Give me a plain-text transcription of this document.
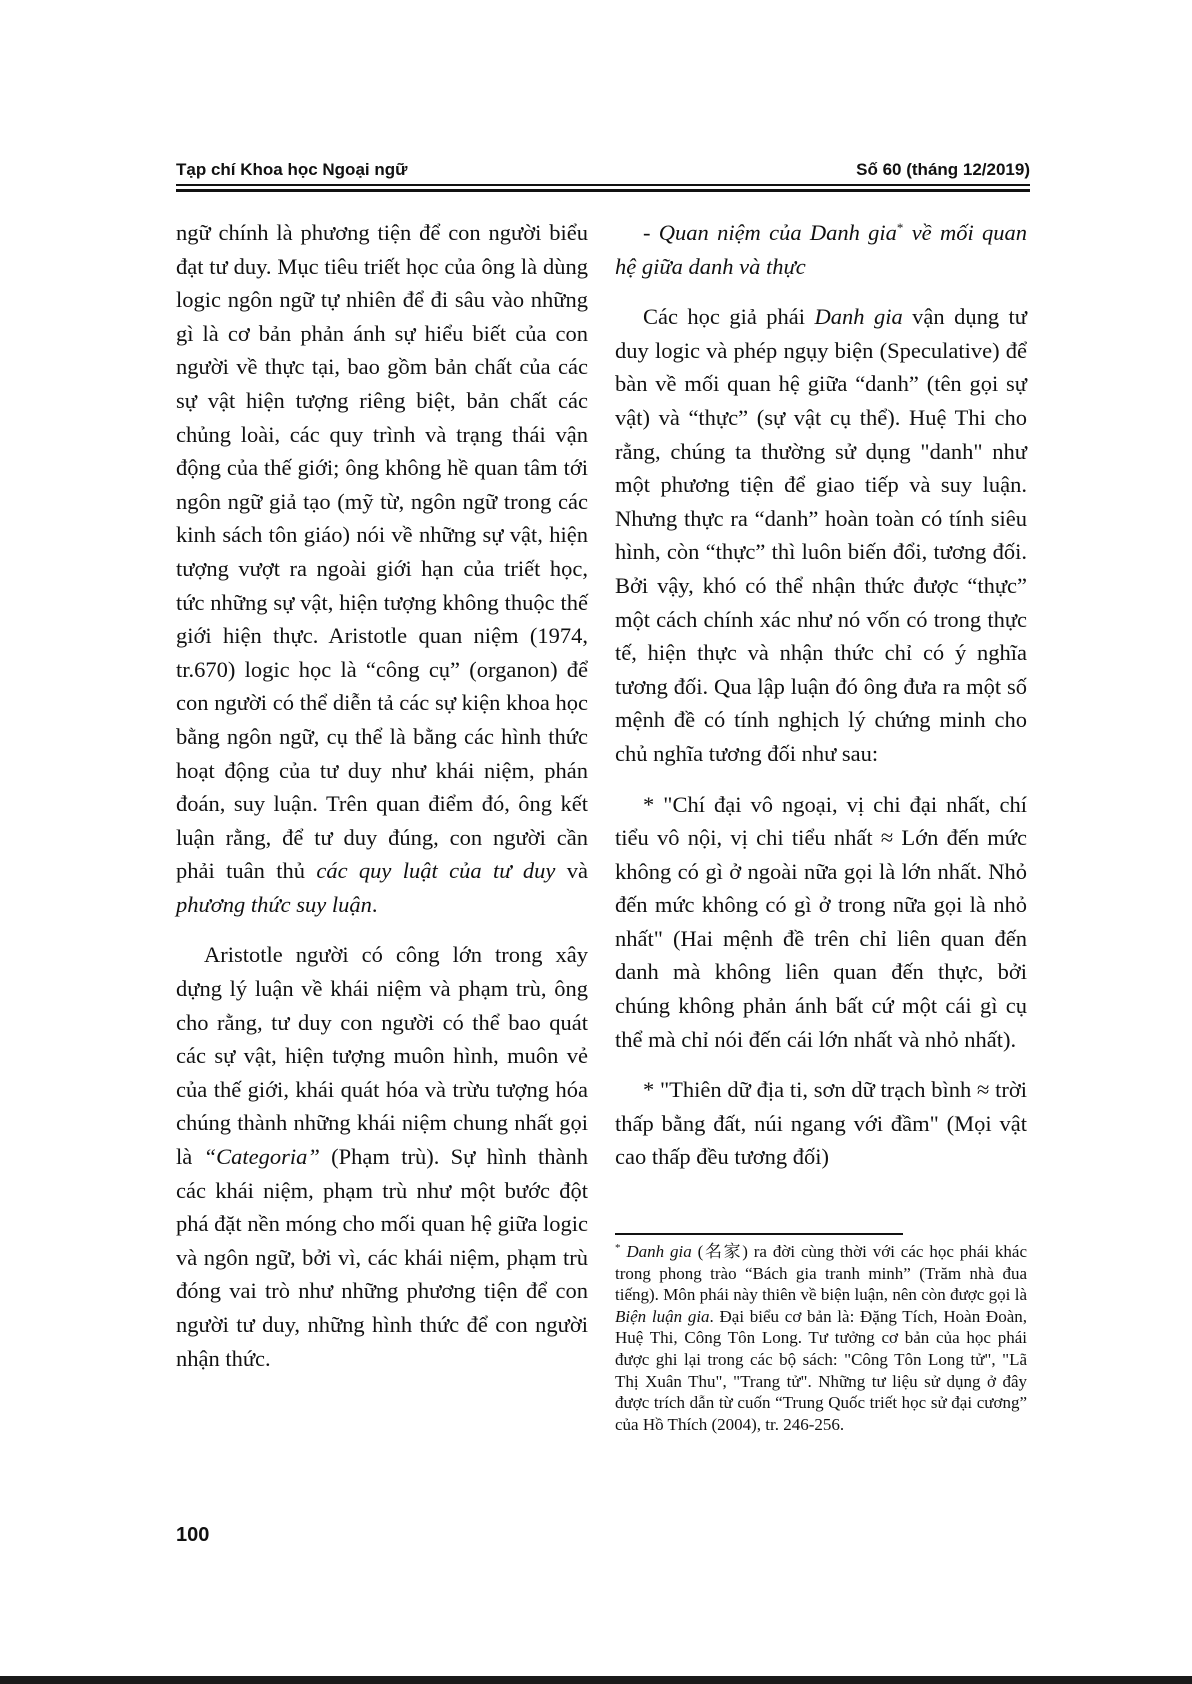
Tạp chí Khoa học Ngoại ngữ	Số 60 (tháng 12/2019)

ngữ chính là phương tiện để con người biểu đạt tư duy. Mục tiêu triết học của ông là dùng logic ngôn ngữ tự nhiên để đi sâu vào những gì là cơ bản phản ánh sự hiểu biết của con người về thực tại, bao gồm bản chất của các sự vật hiện tượng riêng biệt, bản chất các chủng loài, các quy trình và trạng thái vận động của thế giới; ông không hề quan tâm tới ngôn ngữ giả tạo (mỹ từ, ngôn ngữ trong các kinh sách tôn giáo) nói về những sự vật, hiện tượng vượt ra ngoài giới hạn của triết học, tức những sự vật, hiện tượng không thuộc thế giới hiện thực. Aristotle quan niệm (1974, tr.670) logic học là “công cụ” (organon) để con người có thể diễn tả các sự kiện khoa học bằng ngôn ngữ, cụ thể là bằng các hình thức hoạt động của tư duy như khái niệm, phán đoán, suy luận. Trên quan điểm đó, ông kết luận rằng, để tư duy đúng, con người cần phải tuân thủ các quy luật của tư duy và phương thức suy luận.

Aristotle người có công lớn trong xây dựng lý luận về khái niệm và phạm trù, ông cho rằng, tư duy con người có thể bao quát các sự vật, hiện tượng muôn hình, muôn vẻ của thế giới, khái quát hóa và trừu tượng hóa chúng thành những khái niệm chung nhất gọi là “Categoria” (Phạm trù). Sự hình thành các khái niệm, phạm trù như một bước đột phá đặt nền móng cho mối quan hệ giữa logic và ngôn ngữ, bởi vì, các khái niệm, phạm trù đóng vai trò như những phương tiện để con người tư duy, những hình thức để con người nhận thức.

- Quan niệm của Danh gia* về mối quan hệ giữa danh và thực

Các học giả phái Danh gia vận dụng tư duy logic và phép ngụy biện (Speculative) để bàn về mối quan hệ giữa “danh” (tên gọi sự vật) và “thực” (sự vật cụ thể). Huệ Thi cho rằng, chúng ta thường sử dụng "danh" như một phương tiện để giao tiếp và suy luận. Nhưng thực ra “danh” hoàn toàn có tính siêu hình, còn “thực” thì luôn biến đổi, tương đối. Bởi vậy, khó có thể nhận thức được “thực” một cách chính xác như nó vốn có trong thực tế, hiện thực và nhận thức chỉ có ý nghĩa tương đối. Qua lập luận đó ông đưa ra một số mệnh đề có tính nghịch lý chứng minh cho chủ nghĩa tương đối như sau:

* "Chí đại vô ngoại, vị chi đại nhất, chí tiểu vô nội, vị chi tiểu nhất ≈ Lớn đến mức không có gì ở ngoài nữa gọi là lớn nhất. Nhỏ đến mức không có gì ở trong nữa gọi là nhỏ nhất" (Hai mệnh đề trên chỉ liên quan đến danh mà không liên quan đến thực, bởi chúng không phản ánh bất cứ một cái gì cụ thể mà chỉ nói đến cái lớn nhất và nhỏ nhất).

* "Thiên dữ địa ti, sơn dữ trạch bình ≈ trời thấp bằng đất, núi ngang với đầm" (Mọi vật cao thấp đều tương đối)

* Danh gia (名家) ra đời cùng thời với các học phái khác trong phong trào “Bách gia tranh minh” (Trăm nhà đua tiếng). Môn phái này thiên về biện luận, nên còn được gọi là Biện luận gia. Đại biểu cơ bản là: Đặng Tích, Hoàn Đoàn, Huệ Thi, Công Tôn Long. Tư tưởng cơ bản của học phái được ghi lại trong các bộ sách: "Công Tôn Long tử", "Lã Thị Xuân Thu", "Trang tử". Những tư liệu sử dụng ở đây được trích dẫn từ cuốn “Trung Quốc triết học sử đại cương” của Hồ Thích (2004), tr. 246-256.
100
